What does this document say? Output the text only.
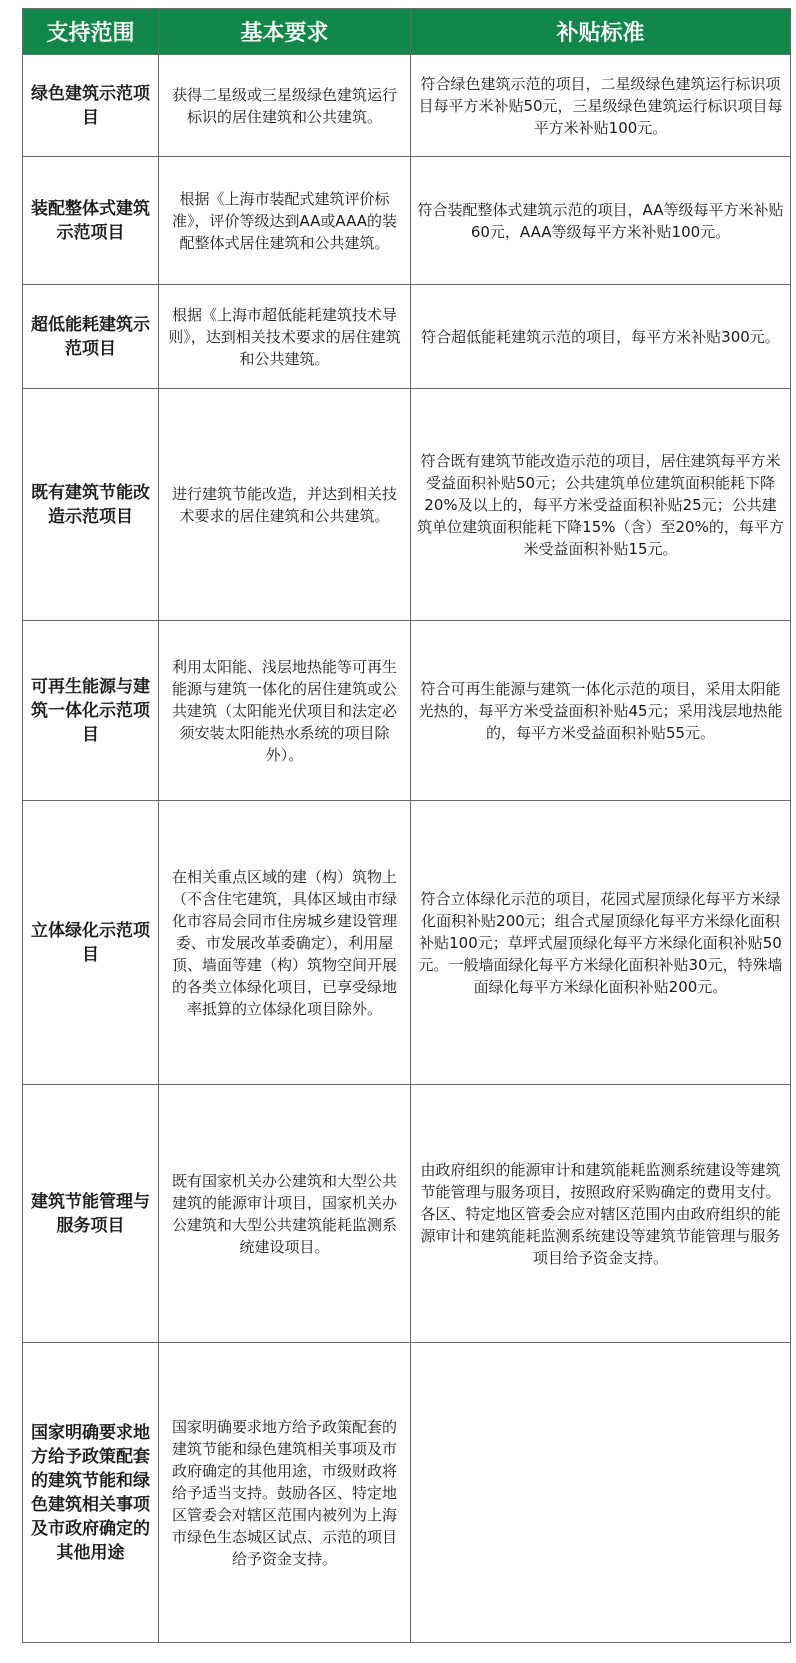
支持范围	基本要求	补贴标准
绿色建筑示范项目	获得二星级或三星级绿色建筑运行标识的居住建筑和公共建筑。	符合绿色建筑示范的项目，二星级绿色建筑运行标识项目每平方米补贴50元，三星级绿色建筑运行标识项目每平方米补贴100元。
装配整体式建筑示范项目	根据《上海市装配式建筑评价标准》，评价等级达到AA或AAA的装配整体式居住建筑和公共建筑。	符合装配整体式建筑示范的项目，AA等级每平方米补贴60元，AAA等级每平方米补贴100元。
超低能耗建筑示范项目	根据《上海市超低能耗建筑技术导则》，达到相关技术要求的居住建筑和公共建筑。	符合超低能耗建筑示范的项目，每平方米补贴300元。
既有建筑节能改造示范项目	进行建筑节能改造，并达到相关技术要求的居住建筑和公共建筑。	符合既有建筑节能改造示范的项目，居住建筑每平方米受益面积补贴50元；公共建筑单位建筑面积能耗下降20%及以上的，每平方米受益面积补贴25元；公共建筑单位建筑面积能耗下降15%（含）至20%的，每平方米受益面积补贴15元。
可再生能源与建筑一体化示范项目	利用太阳能、浅层地热能等可再生能源与建筑一体化的居住建筑或公共建筑（太阳能光伏项目和法定必须安装太阳能热水系统的项目除外）。	符合可再生能源与建筑一体化示范的项目，采用太阳能光热的，每平方米受益面积补贴45元；采用浅层地热能的，每平方米受益面积补贴55元。
立体绿化示范项目	在相关重点区域的建（构）筑物上（不含住宅建筑，具体区域由市绿化市容局会同市住房城乡建设管理委、市发展改革委确定），利用屋顶、墙面等建（构）筑物空间开展的各类立体绿化项目，已享受绿地率抵算的立体绿化项目除外。	符合立体绿化示范的项目，花园式屋顶绿化每平方米绿化面积补贴200元；组合式屋顶绿化每平方米绿化面积补贴100元；草坪式屋顶绿化每平方米绿化面积补贴50元。一般墙面绿化每平方米绿化面积补贴30元，特殊墙面绿化每平方米绿化面积补贴200元。
建筑节能管理与服务项目	既有国家机关办公建筑和大型公共建筑的能源审计项目，国家机关办公建筑和大型公共建筑能耗监测系统建设项目。	由政府组织的能源审计和建筑能耗监测系统建设等建筑节能管理与服务项目，按照政府采购确定的费用支付。各区、特定地区管委会应对辖区范围内由政府组织的能源审计和建筑能耗监测系统建设等建筑节能管理与服务项目给予资金支持。
国家明确要求地方给予政策配套的建筑节能和绿色建筑相关事项及市政府确定的其他用途	国家明确要求地方给予政策配套的建筑节能和绿色建筑相关事项及市政府确定的其他用途，市级财政将给予适当支持。鼓励各区、特定地区管委会对辖区范围内被列为上海市绿色生态城区试点、示范的项目给予资金支持。	
